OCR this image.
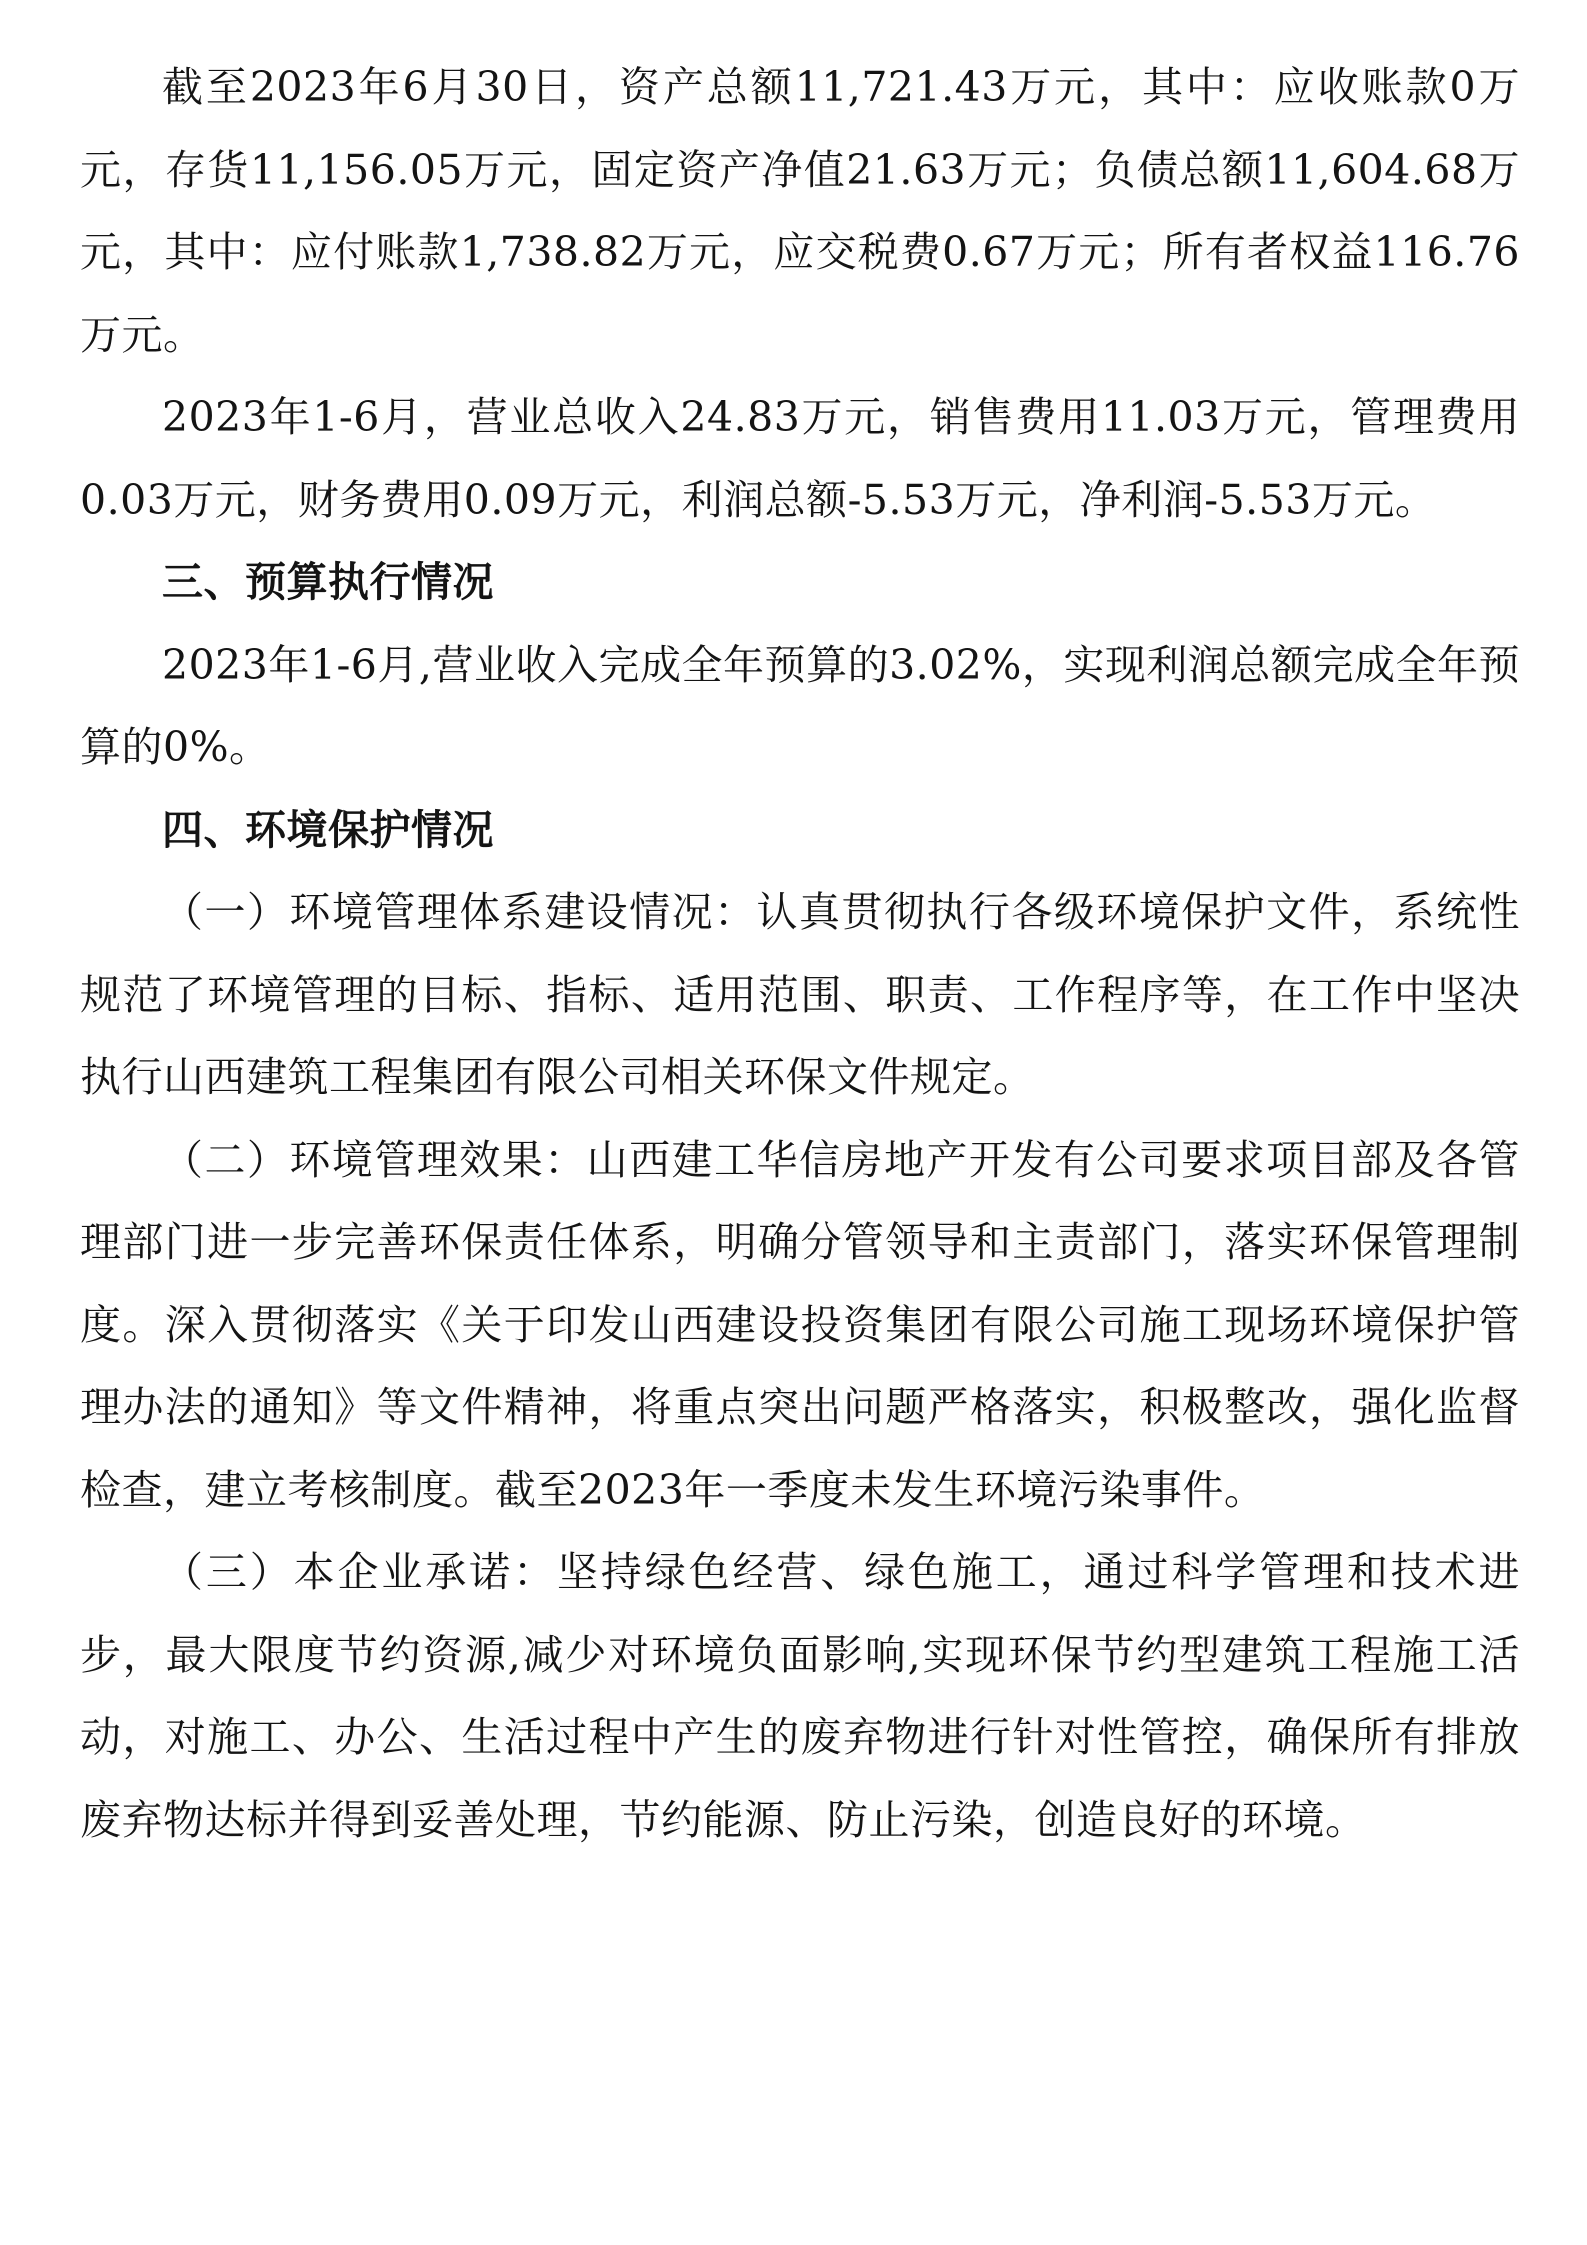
截至2023年6月30日，资产总额11,721.43万元，其中：应收账款0万元，存货11,156.05万元，固定资产净值21.63万元；负债总额11,604.68万元，其中：应付账款1,738.82万元，应交税费0.67万元；所有者权益116.76万元。

2023年1-6月，营业总收入24.83万元，销售费用11.03万元，管理费用0.03万元，财务费用0.09万元，利润总额-5.53万元，净利润-5.53万元。

三、预算执行情况

2023年1-6月,营业收入完成全年预算的3.02%，实现利润总额完成全年预算的0%。

四、环境保护情况

（一）环境管理体系建设情况：认真贯彻执行各级环境保护文件，系统性规范了环境管理的目标、指标、适用范围、职责、工作程序等，在工作中坚决执行山西建筑工程集团有限公司相关环保文件规定。

（二）环境管理效果：山西建工华信房地产开发有公司要求项目部及各管理部门进一步完善环保责任体系，明确分管领导和主责部门，落实环保管理制度。深入贯彻落实《关于印发山西建设投资集团有限公司施工现场环境保护管理办法的通知》等文件精神，将重点突出问题严格落实，积极整改，强化监督检查，建立考核制度。截至2023年一季度未发生环境污染事件。

（三）本企业承诺：坚持绿色经营、绿色施工，通过科学管理和技术进步，最大限度节约资源,减少对环境负面影响,实现环保节约型建筑工程施工活动，对施工、办公、生活过程中产生的废弃物进行针对性管控，确保所有排放废弃物达标并得到妥善处理，节约能源、防止污染，创造良好的环境。
